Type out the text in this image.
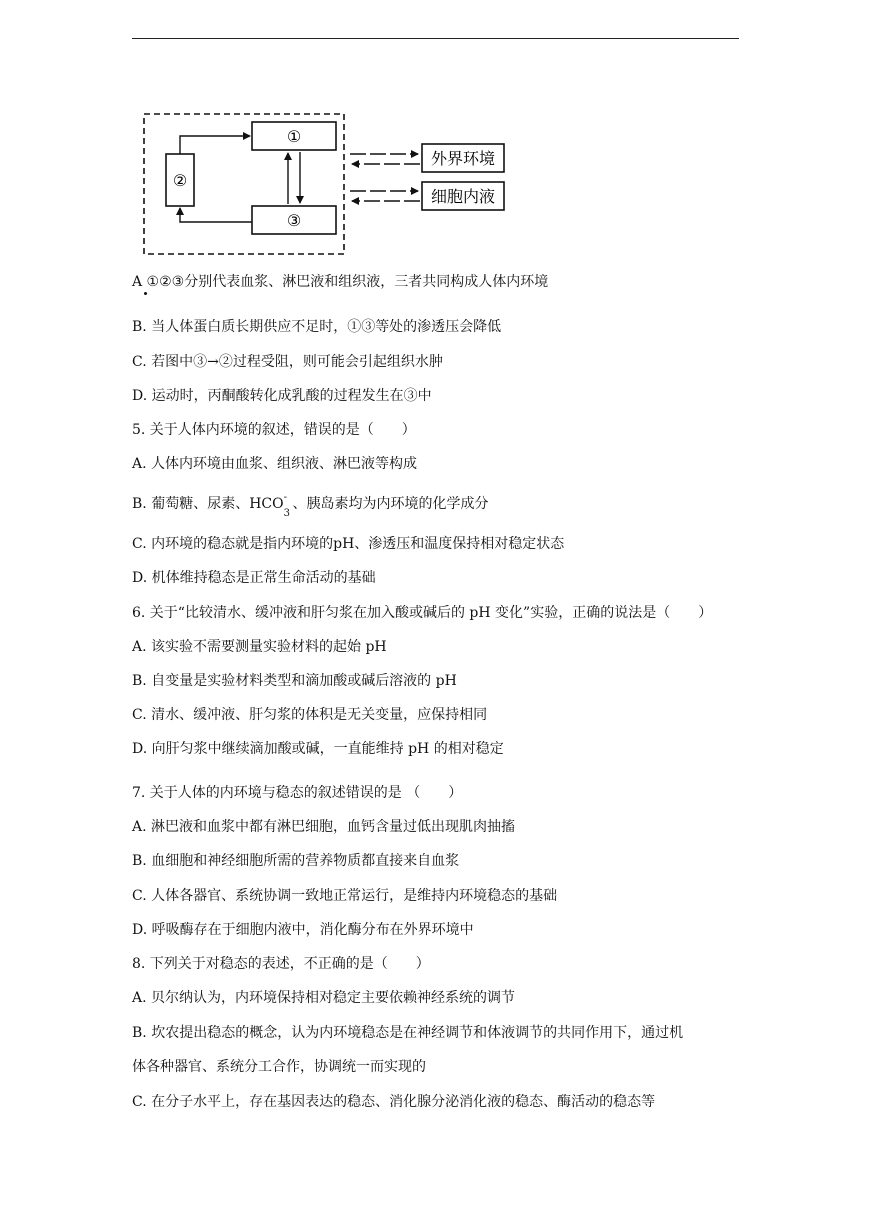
①
③
②
外界环境
细胞内液
A ①②③分别代表血浆、淋巴液和组织液，三者共同构成人体内环境
B. 当人体蛋白质长期供应不足时，①③等处的渗透压会降低
C. 若图中③→②过程受阻，则可能会引起组织水肿
D. 运动时，丙酮酸转化成乳酸的过程发生在③中
5. 关于人体内环境的叙述，错误的是（　　）
A. 人体内环境由血浆、组织液、淋巴液等构成
B. 葡萄糖、尿素、HCO -
3
、胰岛素均为内环境的化学成分
C. 内环境的稳态就是指内环境的pH、渗透压和温度保持相对稳定状态
D. 机体维持稳态是正常生命活动的基础
6. 关于“比较清水、缓冲液和肝匀浆在加入酸或碱后的 pH 变化”实验，正确的说法是（　　）
A. 该实验不需要测量实验材料的起始 pH
B. 自变量是实验材料类型和滴加酸或碱后溶液的 pH
C. 清水、缓冲液、肝匀浆的体积是无关变量，应保持相同
D. 向肝匀浆中继续滴加酸或碱，一直能维持 pH 的相对稳定
7. 关于人体的内环境与稳态的叙述错误的是 （　　）
A. 淋巴液和血浆中都有淋巴细胞，血钙含量过低出现肌肉抽搐
B. 血细胞和神经细胞所需的营养物质都直接来自血浆
C. 人体各器官、系统协调一致地正常运行，是维持内环境稳态的基础
D. 呼吸酶存在于细胞内液中，消化酶分布在外界环境中
8. 下列关于对稳态的表述，不正确的是（　　）
A. 贝尔纳认为，内环境保持相对稳定主要依赖神经系统的调节
B. 坎农提出稳态的概念，认为内环境稳态是在神经调节和体液调节的共同作用下，通过机
体各种器官、系统分工合作，协调统一而实现的
C. 在分子水平上，存在基因表达的稳态、消化腺分泌消化液的稳态、酶活动的稳态等
